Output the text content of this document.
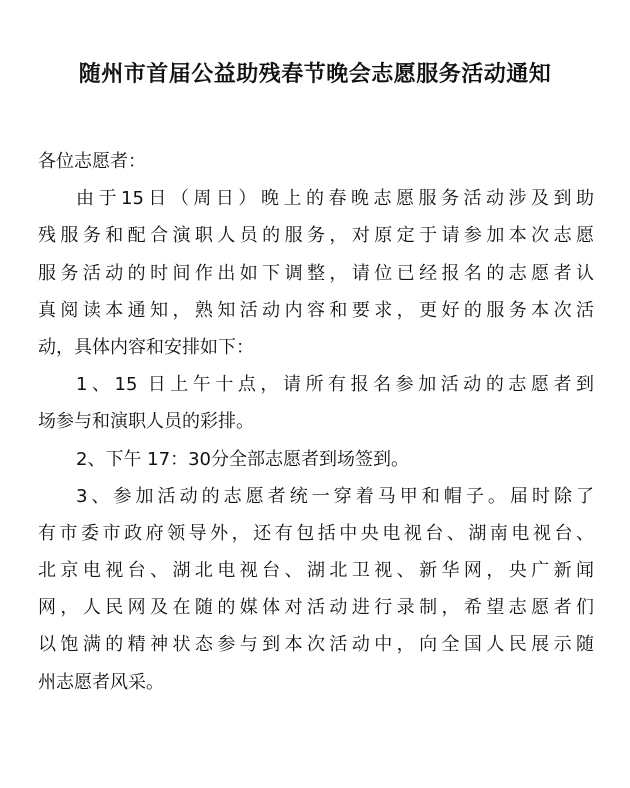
随州市首届公益助残春节晚会志愿服务活动通知
各位志愿者：
由于15日（周日）晚上的春晚志愿服务活动涉及到助
残服务和配合演职人员的服务，对原定于请参加本次志愿
服务活动的时间作出如下调整，请位已经报名的志愿者认
真阅读本通知，熟知活动内容和要求，更好的服务本次活
动，具体内容和安排如下：
1、15 日上午十点，请所有报名参加活动的志愿者到
场参与和演职人员的彩排。
2、下午 17：30分全部志愿者到场签到。
3、参加活动的志愿者统一穿着马甲和帽子。届时除了
有市委市政府领导外，还有包括中央电视台、湖南电视台、
北京电视台、湖北电视台、湖北卫视、新华网，央广新闻
网，人民网及在随的媒体对活动进行录制，希望志愿者们
以饱满的精神状态参与到本次活动中，向全国人民展示随
州志愿者风采。
